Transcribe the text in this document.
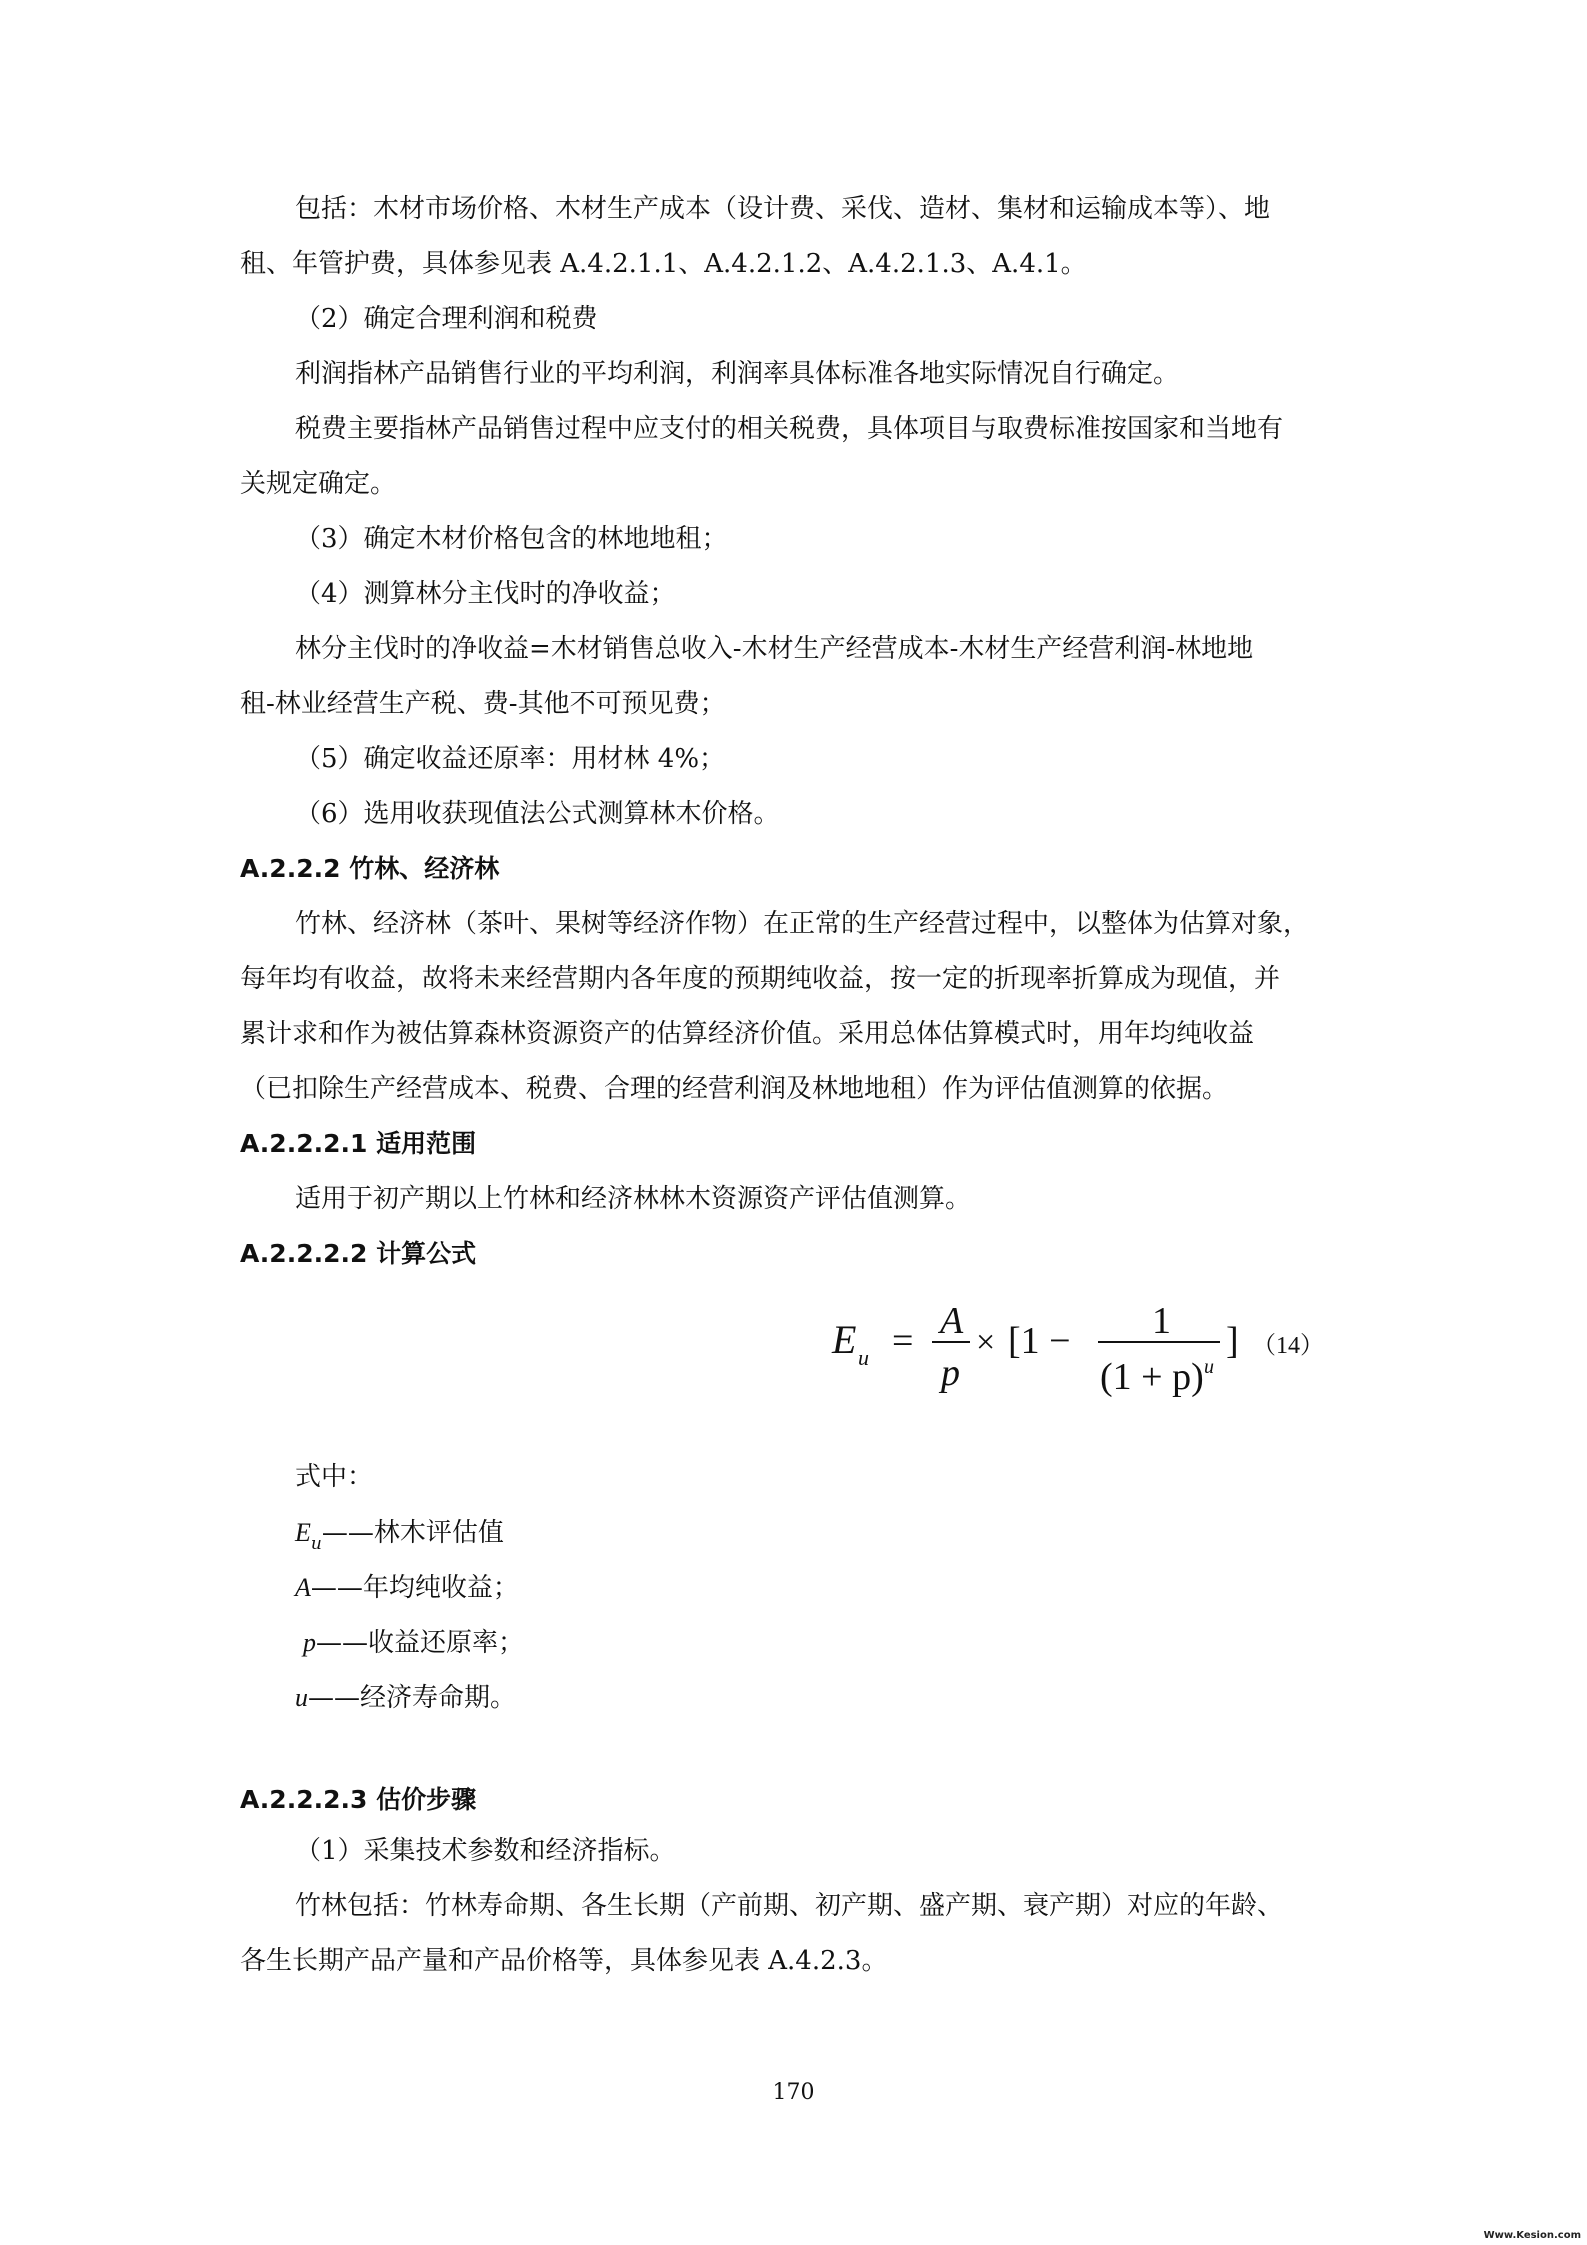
包括：木材市场价格、木材生产成本（设计费、采伐、造材、集材和运输成本等）、地
租、年管护费，具体参见表 A.4.2.1.1、A.4.2.1.2、A.4.2.1.3、A.4.1。
（2）确定合理利润和税费
利润指林产品销售行业的平均利润，利润率具体标准各地实际情况自行确定。
税费主要指林产品销售过程中应支付的相关税费，具体项目与取费标准按国家和当地有
关规定确定。
（3）确定木材价格包含的林地地租；
（4）测算林分主伐时的净收益；
林分主伐时的净收益=木材销售总收入-木材生产经营成本-木材生产经营利润-林地地
租-林业经营生产税、费-其他不可预见费；
（5）确定收益还原率：用材林 4%；
（6）选用收获现值法公式测算林木价格。
A.2.2.2 竹林、经济林
竹林、经济林（茶叶、果树等经济作物）在正常的生产经营过程中，以整体为估算对象，
每年均有收益，故将未来经营期内各年度的预期纯收益，按一定的折现率折算成为现值，并
累计求和作为被估算森林资源资产的估算经济价值。采用总体估算模式时，用年均纯收益
（已扣除生产经营成本、税费、合理的经营利润及林地地租）作为评估值测算的依据。
A.2.2.2.1 适用范围
适用于初产期以上竹林和经济林林木资源资产评估值测算。
A.2.2.2.2 计算公式
E u = A
p
× [1 − 1
(1 + p) u
] （14）
式中：
$E_u——$林木评估值
A——年均纯收益；
p——收益还原率；
u——经济寿命期。
A.2.2.2.3 估价步骤
（1）采集技术参数和经济指标。
竹林包括：竹林寿命期、各生长期（产前期、初产期、盛产期、衰产期）对应的年龄、
各生长期产品产量和产品价格等，具体参见表 A.4.2.3。
170
Www.Kesion.com
